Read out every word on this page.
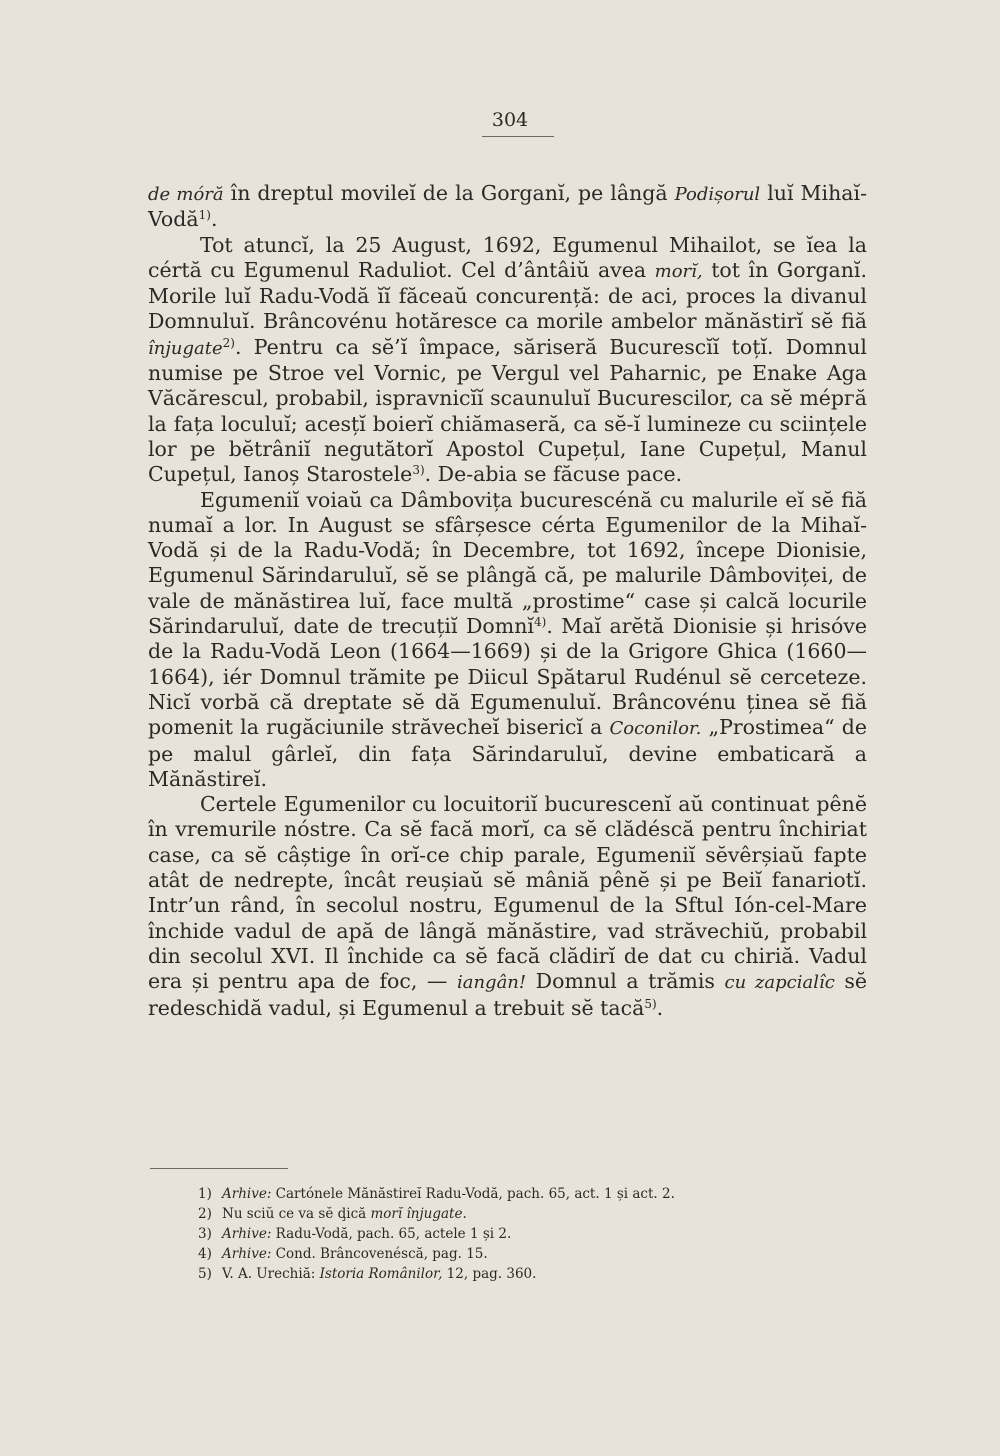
304

de móră în dreptul movileĭ de la Gorganĭ, pe lângă Podișorul luĭ Mihaĭ-Vodă$^{1)}$.

Tot atuncĭ, la 25 August, 1692, Egumenul Mihailot, se ĭea la cértă cu Egumenul Raduliot. Cel d’ântâiŭ avea morĭ, tot în Gorganĭ. Morile luĭ Radu-Vodă ĭĭ făceaŭ concurență: de aci, proces la divanul Domnuluĭ. Brâncovénu hotăresce ca morile ambelor mănăstirĭ sĕ fiă înjugate$^{2)}$. Pentru ca sĕ’ĭ împace, săriseră Bucurescĭĭ toțĭ. Domnul numise pe Stroe vel Vornic, pe Vergul vel Paharnic, pe Enake Aga Văcărescul, probabil, ispravnicĭĭ scaunuluĭ Bucurescilor, ca sĕ méргă la fața loculuĭ; acesțĭ boierĭ chiămaseră, ca sĕ-ĭ lumineze cu sciințele lor pe bĕtrâniĭ negutătorĭ Apostol Cupețul, Iane Cupețul, Manul Cupețul, Ianoș Starostele$^{3)}$. De-abia se făcuse pace.

Egumeniĭ voiaŭ ca Dâmbovița bucurescénă cu malurile eĭ sĕ fiă numaĭ a lor. In August se sfârșesce cérta Egumenilor de la Mihaĭ-Vodă și de la Radu-Vodă; în Decembre, tot 1692, începe Dionisie, Egumenul Sărindaruluĭ, sĕ se plângă că, pe malurile Dâmboviței, de vale de mănăstirea luĭ, face multă „prostime“ case și calcă locurile Sărindaruluĭ, date de trecuțiĭ Domnĭ$^{4)}$. Maĭ arĕtă Dionisie și hrisóve de la Radu-Vodă Leon (1664—1669) și de la Grigore Ghica (1660—1664), iér Domnul trămite pe Diicul Spătarul Rudénul sĕ cerceteze. Nicĭ vorbă că dreptate sĕ dă Egumenuluĭ. Brâncovénu ținea sĕ fiă pomenit la rugăciunile străvecheĭ bisericĭ a Coconilor. „Prostimea“ de pe malul gârleĭ, din fața Sărindaruluĭ, devine embaticară a Mănăstireĭ.

Certele Egumenilor cu locuitoriĭ bucurescenĭ aŭ continuat pênĕ în vremurile nóstre. Ca sĕ facă morĭ, ca sĕ clădéscă pentru închiriat case, ca sĕ câștige în orĭ-ce chip parale, Egumeniĭ sĕvêrșiaŭ fapte atât de nedrepte, încât reușiaŭ sĕ mâniă pênĕ și pe Beiĭ fanariotĭ. Intr’un rând, în secolul nostru, Egumenul de la Sftul Ión-cel-Mare închide vadul de apă de lângă mănăstire, vad străvechiŭ, probabil din secolul XVI. Il închide ca sĕ facă clădirĭ de dat cu chiriă. Vadul era și pentru apa de foc, — iangân! Domnul a trămis cu zapcialîc sĕ redeschidă vadul, și Egumenul a trebuit sĕ tacă$^{5)}$.

1) Arhive: Cartónele Mănăstireĭ Radu-Vodă, pach. 65, act. 1 și act. 2.
2) Nu sciŭ ce va sĕ ḑică morĭ înjugate.
3) Arhive: Radu-Vodă, pach. 65, actele 1 și 2.
4) Arhive: Cond. Brâncovenéscă, pag. 15.
5) V. A. Urechiă: Istoria Românilor, 12, pag. 360.
